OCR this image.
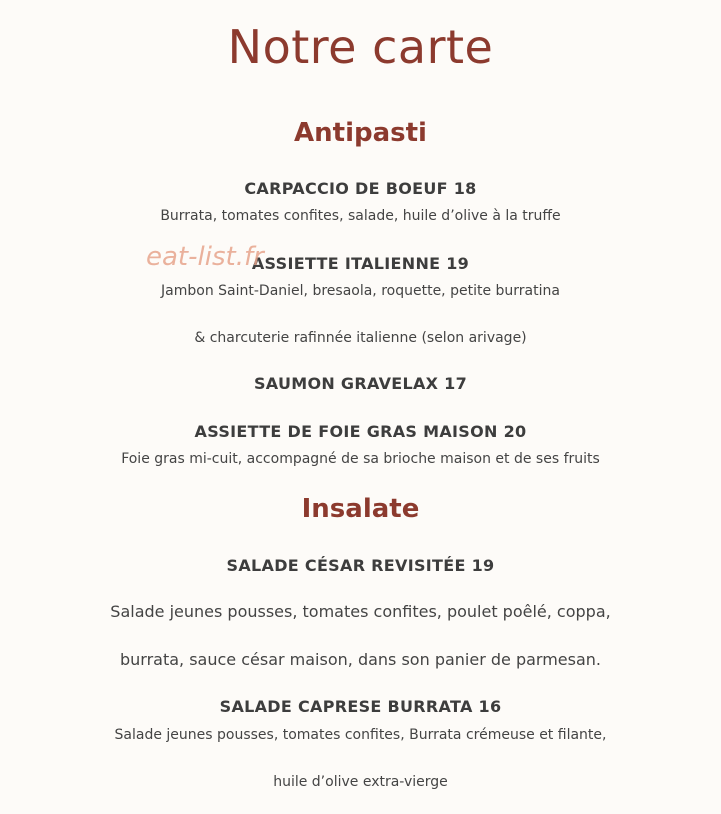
Notre carte
Antipasti
CARPACCIO DE BOEUF 18
Burrata, tomates confites, salade, huile d’olive à la truffe
ASSIETTE ITALIENNE 19
Jambon Saint-Daniel, bresaola, roquette, petite burratina
& charcuterie rafinnée italienne (selon arivage)
SAUMON GRAVELAX 17
ASSIETTE DE FOIE GRAS MAISON 20
Foie gras mi-cuit, accompagné de sa brioche maison et de ses fruits
Insalate
SALADE CÉSAR REVISITÉE 19
Salade jeunes pousses, tomates confites, poulet poêlé, coppa,
burrata, sauce césar maison, dans son panier de parmesan.
SALADE CAPRESE BURRATA 16
Salade jeunes pousses, tomates confites, Burrata crémeuse et filante,
huile d’olive extra-vierge
eat-list.fr
